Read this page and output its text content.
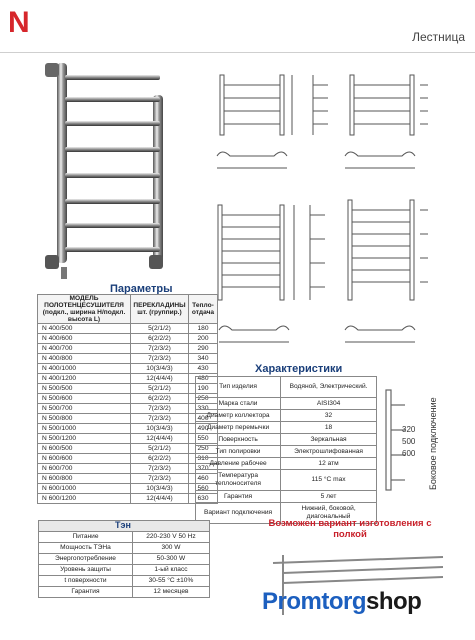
N	Лестница
Параметры
МОДЕЛЬ ПОЛОТЕНЦЕСУШИТЕЛЯ (подкл., ширина Н/подкл. высота L)	ПЕРЕКЛАДИНЫ шт. (группир.)	Тепло-отдача
N 400/500	5(2/1/2)	180
N 400/600	6(2/2/2)	200
N 400/700	7(2/3/2)	290
N 400/800	7(2/3/2)	340
N 400/1000	10(3/4/3)	430
N 400/1200	12(4/4/4)	480
N 500/500	5(2/1/2)	190
N 500/600	6(2/2/2)	250
N 500/700	7(2/3/2)	330
N 500/800	7(2/3/2)	400
N 500/1000	10(3/4/3)	490
N 500/1200	12(4/4/4)	550
N 600/500	5(2/1/2)	250
N 600/600	6(2/2/2)	310
N 600/700	7(2/3/2)	370
N 600/800	7(2/3/2)	460
N 600/1000	10(3/4/3)	560
N 600/1200	12(4/4/4)	630
Характеристики
Тип изделия	Водяной, Электрический.
Марка стали	AISI304
Диаметр коллектора	32
Диаметр перемычки	18
Поверхность	Зеркальная
Тип полировки	Электрошлифованная
Давление рабочее	12 атм
Температура теплоносителя	115 °С max
Гарантия	5 лет
Вариант подключения	Нижний, боковой, диагональный
320
500
600 Боковое подключение
Тэн
Питание	220-230 V 50 Hz
Мощность ТЭНа	300 W
Энергопотребление	50-300 W
Уровень защиты	1-ый класс
t поверхности	30-55 °С ±10%
Гарантия	12 месяцев
Возможен вариант изготовления с полкой
Promtorgshop
